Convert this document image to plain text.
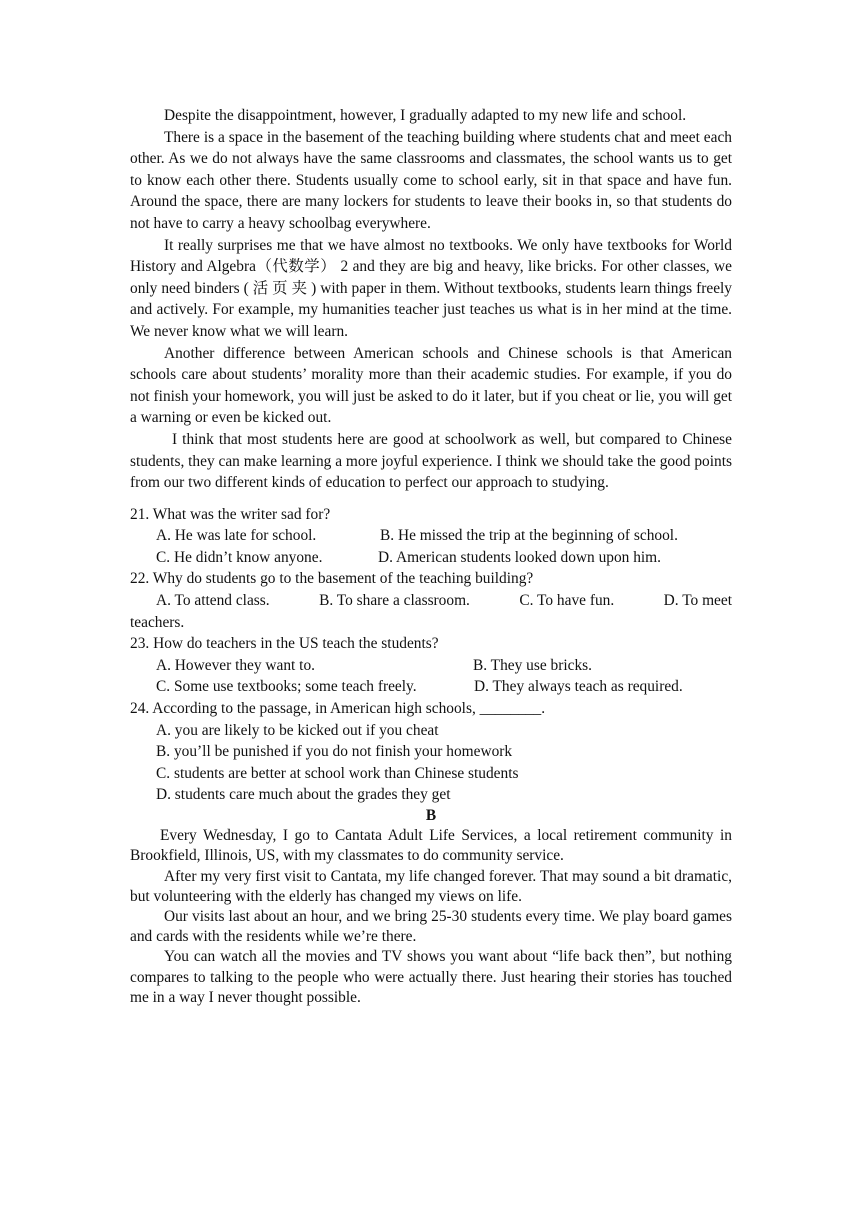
Despite the disappointment, however, I gradually adapted to my new life and school.

There is a space in the basement of the teaching building where students chat and meet each other. As we do not always have the same classrooms and classmates, the school wants us to get to know each other there. Students usually come to school early, sit in that space and have fun. Around the space, there are many lockers for students to leave their books in, so that students do not have to carry a heavy schoolbag everywhere.

It really surprises me that we have almost no textbooks. We only have textbooks for World History and Algebra（代数学） 2 and they are big and heavy, like bricks. For other classes, we only need binders ( 活 页 夹 ) with paper in them. Without textbooks, students learn things freely and actively. For example, my humanities teacher just teaches us what is in her mind at the time. We never know what we will learn.

Another difference between American schools and Chinese schools is that American schools care about students’ morality more than their academic studies. For example, if you do not finish your homework, you will just be asked to do it later, but if you cheat or lie, you will get a warning or even be kicked out.

I think that most students here are good at schoolwork as well, but compared to Chinese students, they can make learning a more joyful experience. I think we should take the good points from our two different kinds of education to perfect our approach to studying.

21. What was the writer sad for?

A. He was late for school.	B. He missed the trip at the beginning of school.
C. He didn’t know anyone.	D. American students looked down upon him.

22. Why do students go to the basement of the teaching building?

A. To attend class.	B. To share a classroom.	C. To have fun.	D. To meet

teachers.

23. How do teachers in the US teach the students?

A. However they want to.	B. They use bricks.
C. Some use textbooks; some teach freely.	D. They always teach as required.

24. According to the passage, in American high schools, ________.

A. you are likely to be kicked out if you cheat

B. you’ll be punished if you do not finish your homework

C. students are better at school work than Chinese students

D. students care much about the grades they get

B

Every Wednesday, I go to Cantata Adult Life Services, a local retirement community in Brookfield, Illinois, US, with my classmates to do community service.

After my very first visit to Cantata, my life changed forever. That may sound a bit dramatic, but volunteering with the elderly has changed my views on life.

Our visits last about an hour, and we bring 25-30 students every time. We play board games and cards with the residents while we’re there.

You can watch all the movies and TV shows you want about “life back then”, but nothing compares to talking to the people who were actually there. Just hearing their stories has touched me in a way I never thought possible.
